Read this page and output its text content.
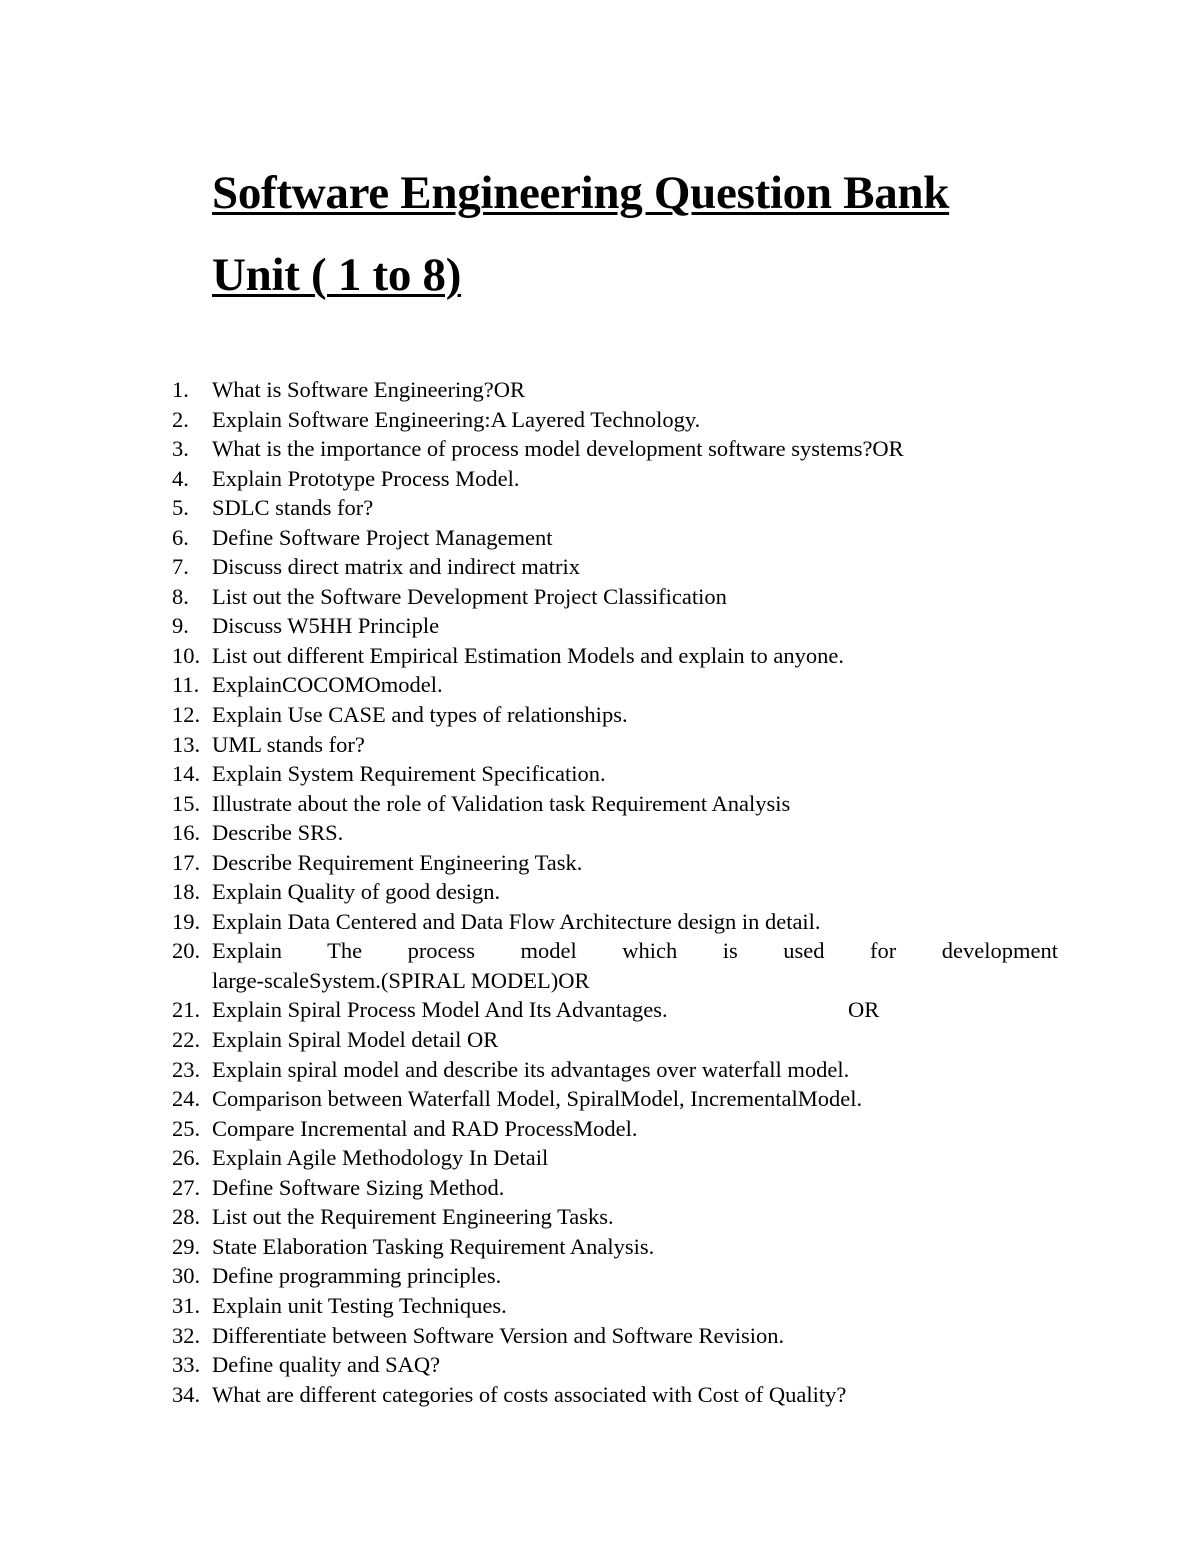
Software Engineering Question Bank
Unit ( 1 to 8)
1. What is Software Engineering?OR
2. Explain Software Engineering:A Layered Technology.
3. What is the importance of process model development software systems?OR
4. Explain Prototype Process Model.
5. SDLC stands for?
6. Define Software Project Management
7. Discuss direct matrix and indirect matrix
8. List out the Software Development Project Classification
9. Discuss W5HH Principle
10. List out different Empirical Estimation Models and explain to anyone.
11. ExplainCOCOMOmodel.
12. Explain Use CASE and types of relationships.
13. UML stands for?
14. Explain System Requirement Specification.
15. Illustrate about the role of Validation task Requirement Analysis
16. Describe SRS.
17. Describe Requirement Engineering Task.
18. Explain Quality of good design.
19. Explain Data Centered and Data Flow Architecture design in detail.
20. Explain The process model which is used for development
large-scaleSystem.(SPIRAL MODEL)OR
21. Explain Spiral Process Model And Its Advantages.	OR
22. Explain Spiral Model detail OR
23. Explain spiral model and describe its advantages over waterfall model.
24. Comparison between Waterfall Model, SpiralModel, IncrementalModel.
25. Compare Incremental and RAD ProcessModel.
26. Explain Agile Methodology In Detail
27. Define Software Sizing Method.
28. List out the Requirement Engineering Tasks.
29. State Elaboration Tasking Requirement Analysis.
30. Define programming principles.
31. Explain unit Testing Techniques.
32. Differentiate between Software Version and Software Revision.
33. Define quality and SAQ?
34. What are different categories of costs associated with Cost of Quality?
